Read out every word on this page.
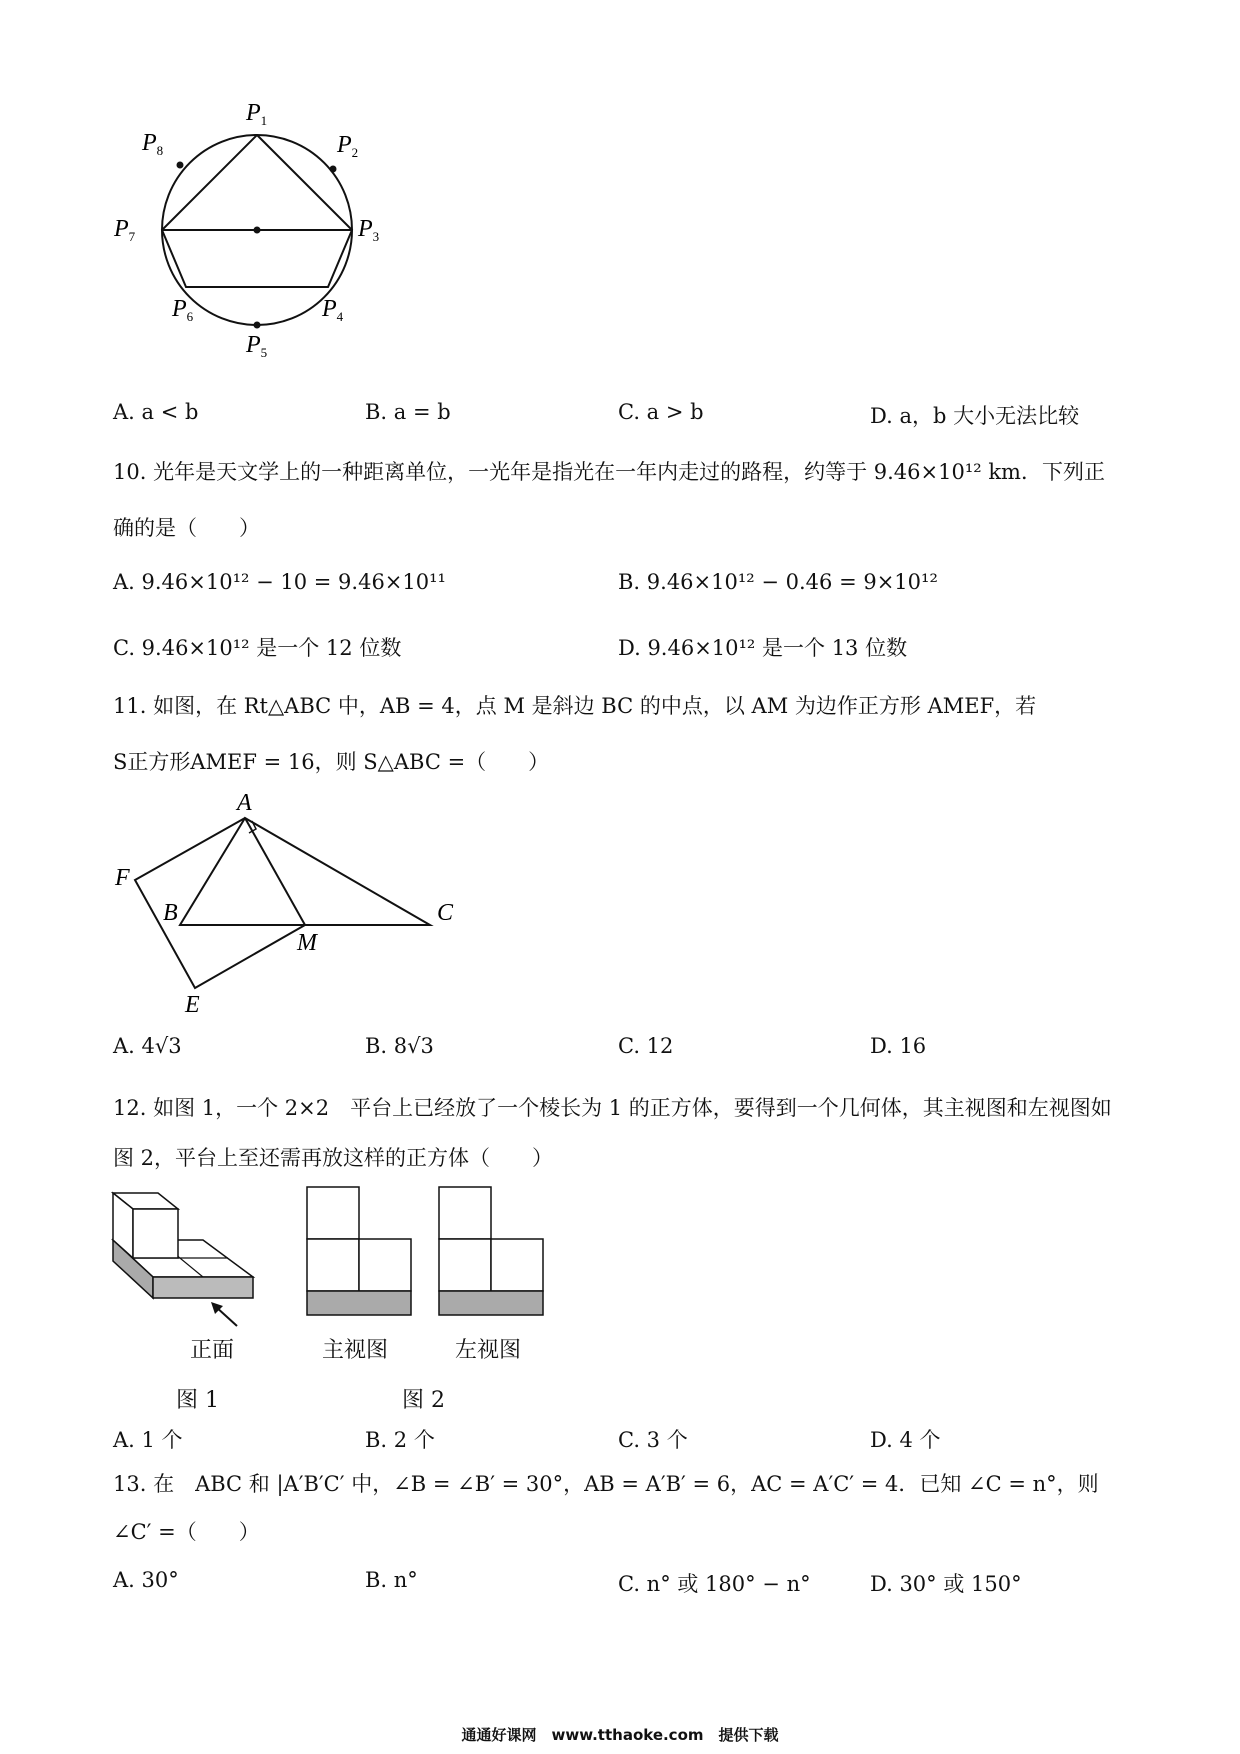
$P_1$
$P_2$
$P_3$
$P_4$
$P_5$
$P_6$
$P_7$
$P_8$
A. a < b	B. a = b	C. a > b	D. a，b 大小无法比较
10. 光年是天文学上的一种距离单位，一光年是指光在一年内走过的路程，约等于 9.46×10¹² km．下列正
确的是（　　）
A. 9.46×10¹² − 10 = 9.46×10¹¹	B. 9.46×10¹² − 0.46 = 9×10¹²
C. 9.46×10¹² 是一个 12 位数	D. 9.46×10¹² 是一个 13 位数
11. 如图，在 Rt△ABC 中，AB = 4，点 M 是斜边 BC 的中点，以 AM 为边作正方形 AMEF，若
S正方形AMEF = 16，则 S△ABC =（　　）
A
B	C
M
E
F
A. 4√3	B. 8√3	C. 12	D. 16
12. 如图 1，一个 2×2　平台上已经放了一个棱长为 1 的正方体，要得到一个几何体，其主视图和左视图如
图 2，平台上至还需再放这样的正方体（　　）
正面	主视图	左视图
图 1	图 2
A. 1 个	B. 2 个	C. 3 个	D. 4 个
13. 在　ABC 和 |A′B′C′ 中，∠B = ∠B′ = 30°，AB = A′B′ = 6，AC = A′C′ = 4．已知 ∠C = n°，则
∠C′ =（　　）
A. 30°	B. n°	C. n° 或 180° − n°	D. 30° 或 150°
通通好课网　www.tthaoke.com　提供下载
